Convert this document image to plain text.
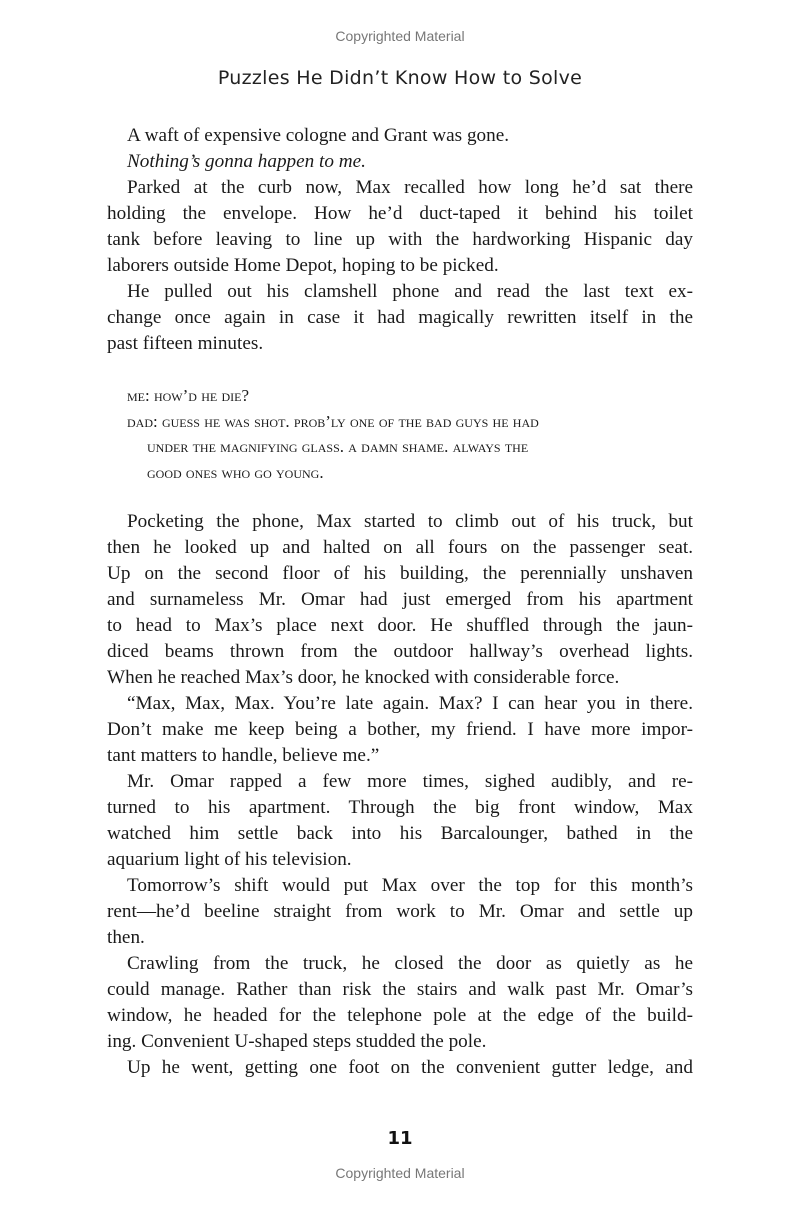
Copyrighted Material
Puzzles He Didn’t Know How to Solve
A waft of expensive cologne and Grant was gone.
Nothing’s gonna happen to me.
Parked at the curb now, Max recalled how long he’d sat there
holding the envelope. How he’d duct-taped it behind his toilet
tank before leaving to line up with the hardworking Hispanic day
laborers outside Home Depot, hoping to be picked.
He pulled out his clamshell phone and read the last text ex-
change once again in case it had magically rewritten itself in the
past fifteen minutes.
me: how’d he die?
dad: guess he was shot. prob’ly one of the bad guys he had
under the magnifying glass. a damn shame. always the
good ones who go young.
Pocketing the phone, Max started to climb out of his truck, but
then he looked up and halted on all fours on the passenger seat.
Up on the second floor of his building, the perennially unshaven
and surnameless Mr. Omar had just emerged from his apartment
to head to Max’s place next door. He shuffled through the jaun-
diced beams thrown from the outdoor hallway’s overhead lights.
When he reached Max’s door, he knocked with considerable force.
“Max, Max, Max. You’re late again. Max? I can hear you in there.
Don’t make me keep being a bother, my friend. I have more impor-
tant matters to handle, believe me.”
Mr. Omar rapped a few more times, sighed audibly, and re-
turned to his apartment. Through the big front window, Max
watched him settle back into his Barcalounger, bathed in the
aquarium light of his television.
Tomorrow’s shift would put Max over the top for this month’s
rent—he’d beeline straight from work to Mr. Omar and settle up
then.
Crawling from the truck, he closed the door as quietly as he
could manage. Rather than risk the stairs and walk past Mr. Omar’s
window, he headed for the telephone pole at the edge of the build-
ing. Convenient U-shaped steps studded the pole.
Up he went, getting one foot on the convenient gutter ledge, and
11
Copyrighted Material
